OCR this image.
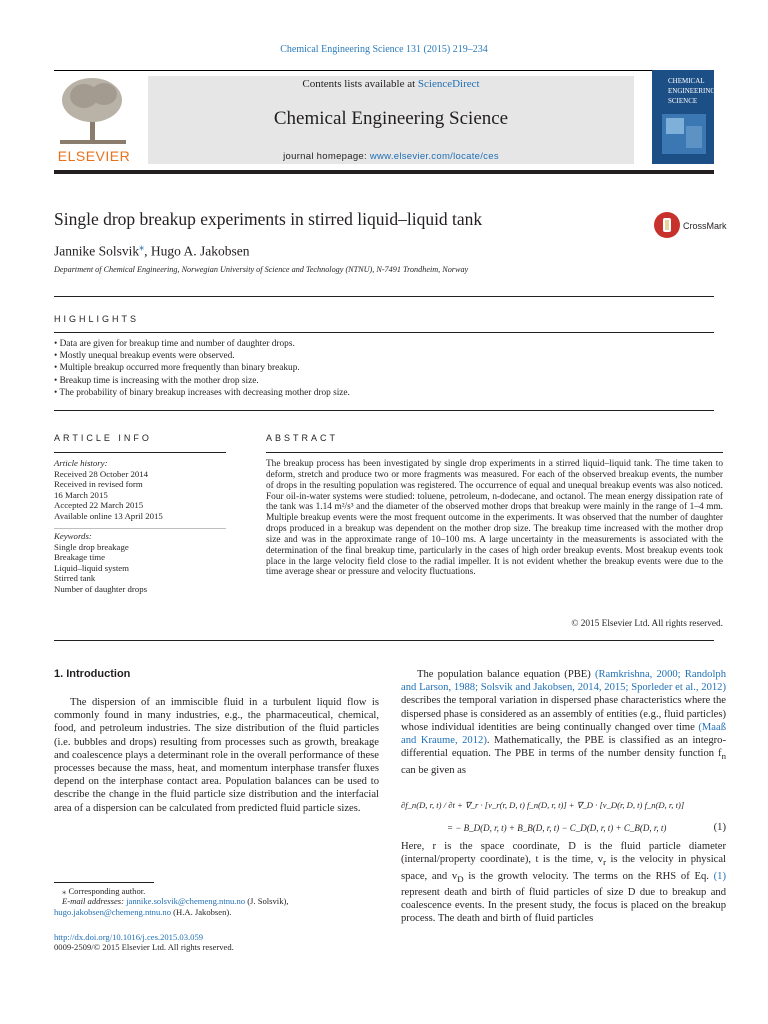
Chemical Engineering Science 131 (2015) 219–234
ELSEVIER
Contents lists available at ScienceDirect
Chemical Engineering Science
journal homepage: www.elsevier.com/locate/ces
CHEMICAL
ENGINEERING
SCIENCE
Single drop breakup experiments in stirred liquid–liquid tank	CrossMark
Jannike Solsvik⁎, Hugo A. Jakobsen
Department of Chemical Engineering, Norwegian University of Science and Technology (NTNU), N-7491 Trondheim, Norway
HIGHLIGHTS
• Data are given for breakup time and number of daughter drops.
• Mostly unequal breakup events were observed.
• Multiple breakup occurred more frequently than binary breakup.
• Breakup time is increasing with the mother drop size.
• The probability of binary breakup increases with decreasing mother drop size.
ARTICLE INFO
Article history:
Received 28 October 2014
Received in revised form
16 March 2015
Accepted 22 March 2015
Available online 13 April 2015
Keywords:
Single drop breakage
Breakage time
Liquid–liquid system
Stirred tank
Number of daughter drops
ABSTRACT
The breakup process has been investigated by single drop experiments in a stirred liquid–liquid tank. The time taken to deform, stretch and produce two or more fragments was measured. For each of the observed breakup events, the number of drops in the resulting population was registered. The occurrence of equal and unequal breakup events was also noticed. Four oil-in-water systems were studied: toluene, petroleum, n-dodecane, and octanol. The mean energy dissipation rate of the tank was 1.14 m²/s³ and the diameter of the observed mother drops that breakup were mainly in the range of 1–4 mm. Multiple breakup events were the most frequent outcome in the experiments. It was observed that the number of daughter drops produced in a breakup was dependent on the mother drop size. The breakup time increased with the mother drop size and was in the approximate range of 10–100 ms. A large uncertainty in the measurements is associated with the determination of the final breakup time, particularly in the cases of high order breakup events. Most breakup events took place in the large velocity field close to the radial impeller. It is not evident whether the breakup events were due to the time average shear or pressure and velocity fluctuations.
© 2015 Elsevier Ltd. All rights reserved.
1. Introduction
The dispersion of an immiscible fluid in a turbulent liquid flow is commonly found in many industries, e.g., the pharmaceutical, chemical, food, and petroleum industries. The size distribution of the fluid particles (i.e. bubbles and drops) resulting from processes such as growth, breakage and coalescence plays a determinant role in the overall performance of these processes because the mass, heat, and momentum interphase transfer fluxes depend on the interphase contact area. Population balances can be used to describe the change in the fluid particle size distribution and the interfacial area of a dispersion can be calculated from predicted fluid particle sizes.
⁎ Corresponding author.
E-mail addresses: jannike.solsvik@chemeng.ntnu.no (J. Solsvik),
hugo.jakobsen@chemeng.ntnu.no (H.A. Jakobsen).
http://dx.doi.org/10.1016/j.ces.2015.03.059
0009-2509/© 2015 Elsevier Ltd. All rights reserved.
The population balance equation (PBE) (Ramkrishna, 2000; Randolph and Larson, 1988; Solsvik and Jakobsen, 2014, 2015; Sporleder et al., 2012) describes the temporal variation in dispersed phase characteristics where the dispersed phase is considered as an assembly of entities (e.g., fluid particles) whose individual identities are being continually changed over time (Maaß and Kraume, 2012). Mathematically, the PBE is classified as an integro-differential equation. The PBE in terms of the number density function $f_n$ can be given as
∂f_n(D, r, t) / ∂t + ∇_r · [v_r(r, D, t) f_n(D, r, t)] + ∇_D · [v_D(r, D, t) f_n(D, r, t)]
= − B_D(D, r, t) + B_B(D, r, t) − C_D(D, r, t) + C_B(D, r, t)	(1)
Here, r is the space coordinate, D is the fluid particle diameter (internal/property coordinate), t is the time, $v_r$ is the velocity in physical space, and $v_D$ is the growth velocity. The terms on the RHS of Eq. (1) represent death and birth of fluid particles of size D due to breakup and coalescence events. In the present study, the focus is placed on the breakup process. The death and birth of fluid particles
